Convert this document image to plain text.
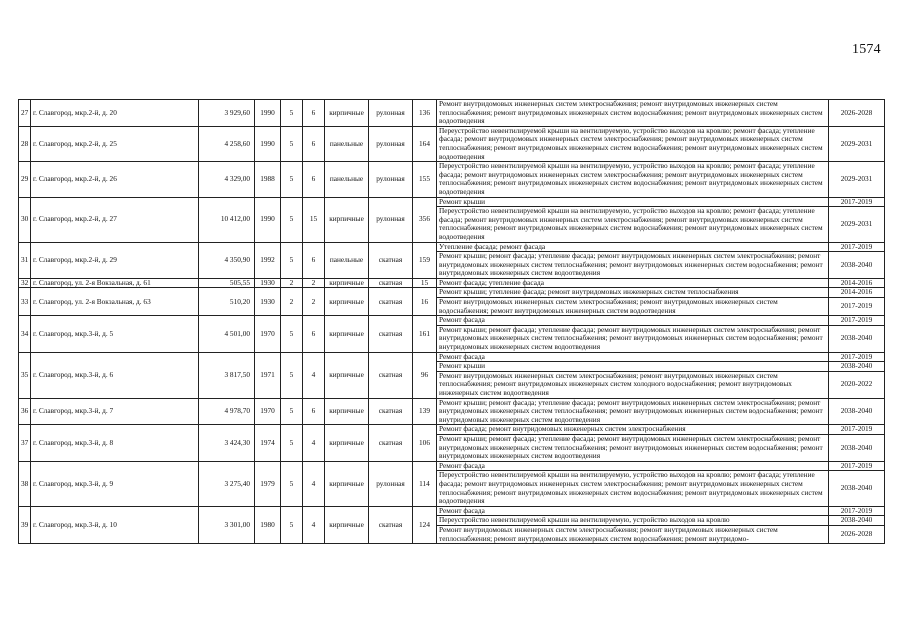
1574
27	г. Славгород, мкр.2-й, д. 20	3 929,60	1990	5	6	кирпичные	рулонная	136	Ремонт внутридомовых инженерных систем электроснабжения; ремонт внутридомовых инженерных систем теплоснабжения; ремонт внутридомовых инженерных систем водоснабжения; ремонт внутридомовых инженерных систем водоотведения	2026-2028
28	г. Славгород, мкр.2-й, д. 25	4 258,60	1990	5	6	панельные	рулонная	164	Переустройство невентилируемой крыши на вентилируемую, устройство выходов на кровлю; ремонт фасада; утепление фасада; ремонт внутридомовых инженерных систем электроснабжения; ремонт внутридомовых инженерных систем теплоснабжения; ремонт внутридомовых инженерных систем водоснабжения; ремонт внутридомовых инженерных систем водоотведения	2029-2031
29	г. Славгород, мкр.2-й, д. 26	4 329,00	1988	5	6	панельные	рулонная	155	Переустройство невентилируемой крыши на вентилируемую, устройство выходов на кровлю; ремонт фасада; утепление фасада; ремонт внутридомовых инженерных систем электроснабжения; ремонт внутридомовых инженерных систем теплоснабжения; ремонт внутридомовых инженерных систем водоснабжения; ремонт внутридомовых инженерных систем водоотведения	2029-2031
30	г. Славгород, мкр.2-й, д. 27	10 412,00	1990	5	15	кирпичные	рулонная	356	Ремонт крыши	2017-2019
									Переустройство невентилируемой крыши на вентилируемую, устройство выходов на кровлю; ремонт фасада; утепление фасада; ремонт внутридомовых инженерных систем электроснабжения; ремонт внутридомовых инженерных систем теплоснабжения; ремонт внутридомовых инженерных систем водоснабжения; ремонт внутридомовых инженерных систем водоотведения	2029-2031
31	г. Славгород, мкр.2-й, д. 29	4 350,90	1992	5	6	панельные	скатная	159	Утепление фасада; ремонт фасада	2017-2019
									Ремонт крыши; ремонт фасада; утепление фасада; ремонт внутридомовых инженерных систем электроснабжения; ремонт внутридомовых инженерных систем теплоснабжения; ремонт внутридомовых инженерных систем водоснабжения; ремонт внутридомовых инженерных систем водоотведения	2038-2040
32	г. Славгород, ул. 2-я Вокзальная, д. 61	505,55	1930	2	2	кирпичные	скатная	15	Ремонт фасада; утепление фасада	2014-2016
33	г. Славгород, ул. 2-я Вокзальная, д. 63	510,20	1930	2	2	кирпичные	скатная	16	Ремонт крыши; утепление фасада; ремонт внутридомовых инженерных систем теплоснабжения	2014-2016
									Ремонт внутридомовых инженерных систем электроснабжения; ремонт внутридомовых инженерных систем водоснабжения; ремонт внутридомовых инженерных систем водоотведения	2017-2019
34	г. Славгород, мкр.3-й, д. 5	4 501,00	1970	5	6	кирпичные	скатная	161	Ремонт фасада	2017-2019
									Ремонт крыши; ремонт фасада; утепление фасада; ремонт внутридомовых инженерных систем электроснабжения; ремонт внутридомовых инженерных систем теплоснабжения; ремонт внутридомовых инженерных систем водоснабжения; ремонт внутридомовых инженерных систем водоотведения	2038-2040
35	г. Славгород, мкр.3-й, д. 6	3 817,50	1971	5	4	кирпичные	скатная	96	Ремонт фасада	2017-2019
									Ремонт крыши	2038-2040
									Ремонт внутридомовых инженерных систем электроснабжения; ремонт внутридомовых инженерных систем теплоснабжения; ремонт внутридомовых инженерных систем холодного водоснабжения; ремонт внутридомовых инженерных систем водоотведения	2020-2022
36	г. Славгород, мкр.3-й, д. 7	4 978,70	1970	5	6	кирпичные	скатная	139	Ремонт крыши; ремонт фасада; утепление фасада; ремонт внутридомовых инженерных систем электроснабжения; ремонт внутридомовых инженерных систем теплоснабжения; ремонт внутридомовых инженерных систем водоснабжения; ремонт внутридомовых инженерных систем водоотведения	2038-2040
37	г. Славгород, мкр.3-й, д. 8	3 424,30	1974	5	4	кирпичные	скатная	106	Ремонт фасада; ремонт внутридомовых инженерных систем электроснабжения	2017-2019
									Ремонт крыши; ремонт фасада; утепление фасада; ремонт внутридомовых инженерных систем электроснабжения; ремонт внутридомовых инженерных систем теплоснабжения; ремонт внутридомовых инженерных систем водоснабжения; ремонт внутридомовых инженерных систем водоотведения	2038-2040
38	г. Славгород, мкр.3-й, д. 9	3 275,40	1979	5	4	кирпичные	рулонная	114	Ремонт фасада	2017-2019
									Переустройство невентилируемой крыши на вентилируемую, устройство выходов на кровлю; ремонт фасада; утепление фасада; ремонт внутридомовых инженерных систем электроснабжения; ремонт внутридомовых инженерных систем теплоснабжения; ремонт внутридомовых инженерных систем водоснабжения; ремонт внутридомовых инженерных систем водоотведения	2038-2040
39	г. Славгород, мкр.3-й, д. 10	3 301,00	1980	5	4	кирпичные	скатная	124	Ремонт фасада	2017-2019
									Переустройство невентилируемой крыши на вентилируемую, устройство выходов на кровлю	2038-2040
									Ремонт внутридомовых инженерных систем электроснабжения; ремонт внутридомовых инженерных систем теплоснабжения; ремонт внутридомовых инженерных систем водоснабжения; ремонт внутридомо-	2026-2028
